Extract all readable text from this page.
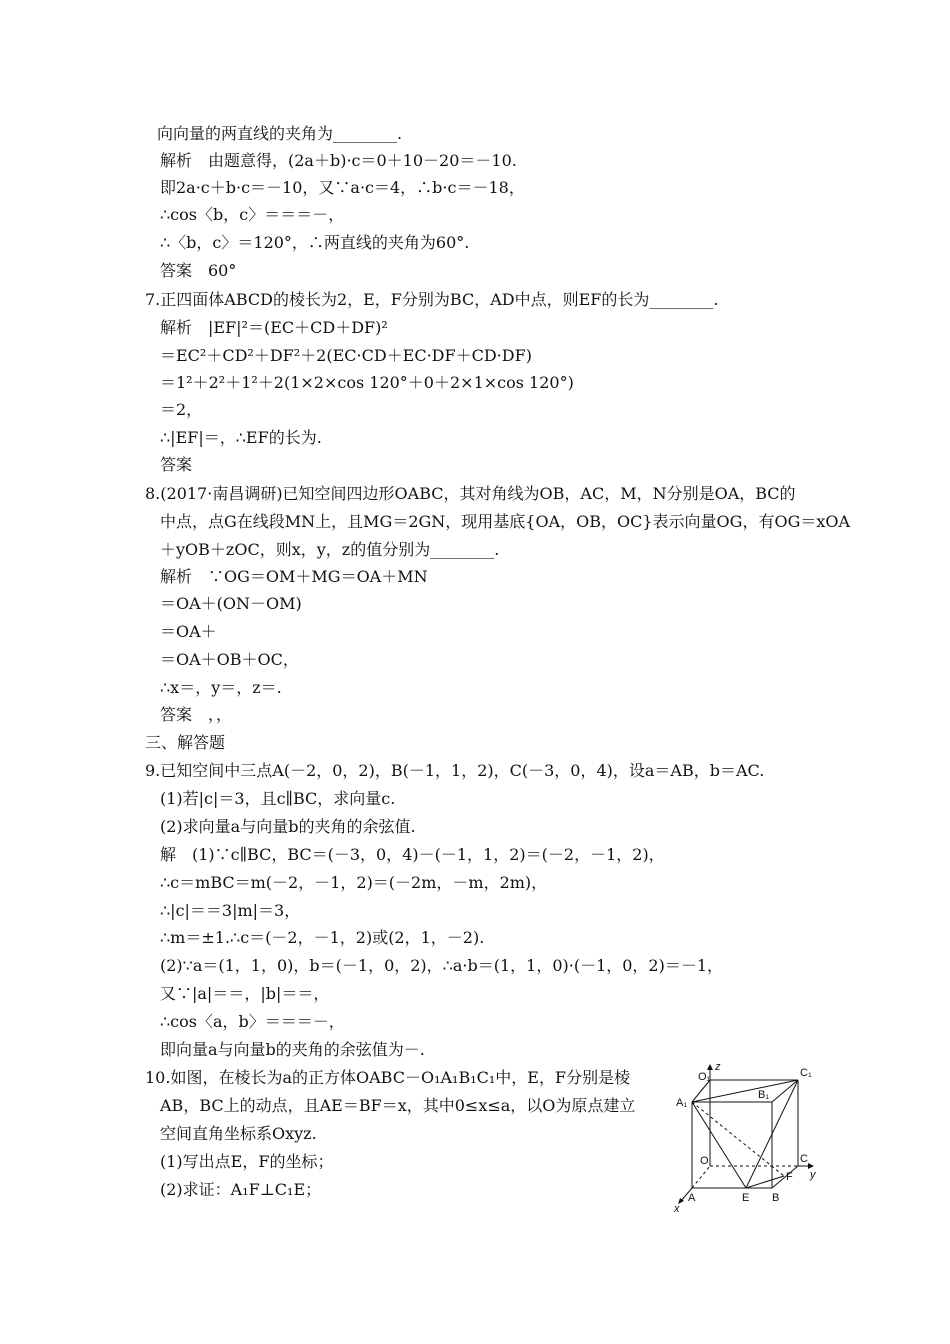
向向量的两直线的夹角为________.
解析　由题意得，(2a＋b)·c＝0＋10－20＝－10.
即2a·c＋b·c＝－10，又∵a·c＝4，∴b·c＝－18，
∴cos〈b，c〉＝＝＝－，
∴〈b，c〉＝120°，∴两直线的夹角为60°.
答案　60°
7.正四面体ABCD的棱长为2，E，F分别为BC，AD中点，则EF的长为________.
解析　|EF|²＝(EC＋CD＋DF)²
＝EC²＋CD²＋DF²＋2(EC·CD＋EC·DF＋CD·DF)
＝1²＋2²＋1²＋2(1×2×cos 120°＋0＋2×1×cos 120°)
＝2，
∴|EF|＝，∴EF的长为.
答案
8.(2017·南昌调研)已知空间四边形OABC，其对角线为OB，AC，M，N分别是OA，BC的
中点，点G在线段MN上，且MG＝2GN，现用基底{OA，OB，OC}表示向量OG，有OG＝xOA
＋yOB＋zOC，则x，y，z的值分别为________.
解析　∵OG＝OM＋MG＝OA＋MN
＝OA＋(ON－OM)
＝OA＋
＝OA＋OB＋OC，
∴x＝，y＝，z＝.
答案　，，
三、解答题
9.已知空间中三点A(－2，0，2)，B(－1，1，2)，C(－3，0，4)，设a＝AB，b＝AC.
(1)若|c|＝3，且c∥BC，求向量c.
(2)求向量a与向量b的夹角的余弦值.
解　(1)∵c∥BC，BC＝(－3，0，4)－(－1，1，2)＝(－2，－1，2)，
∴c＝mBC＝m(－2，－1，2)＝(－2m，－m，2m)，
∴|c|＝＝3|m|＝3，
∴m＝±1.∴c＝(－2，－1，2)或(2，1，－2).
(2)∵a＝(1，1，0)，b＝(－1，0，2)，∴a·b＝(1，1，0)·(－1，0，2)＝－1，
又∵|a|＝＝，|b|＝＝，
∴cos〈a，b〉＝＝＝－，
即向量a与向量b的夹角的余弦值为－.
10.如图，在棱长为a的正方体OABC－O₁A₁B₁C₁中，E，F分别是棱
AB，BC上的动点，且AE＝BF＝x，其中0≤x≤a，以O为原点建立
空间直角坐标系Oxyz.
(1)写出点E，F的坐标；
(2)求证：A₁F⊥C₁E；
O₁
z	C₁
A₁
B₁
O	C
F y
A	E B
x
